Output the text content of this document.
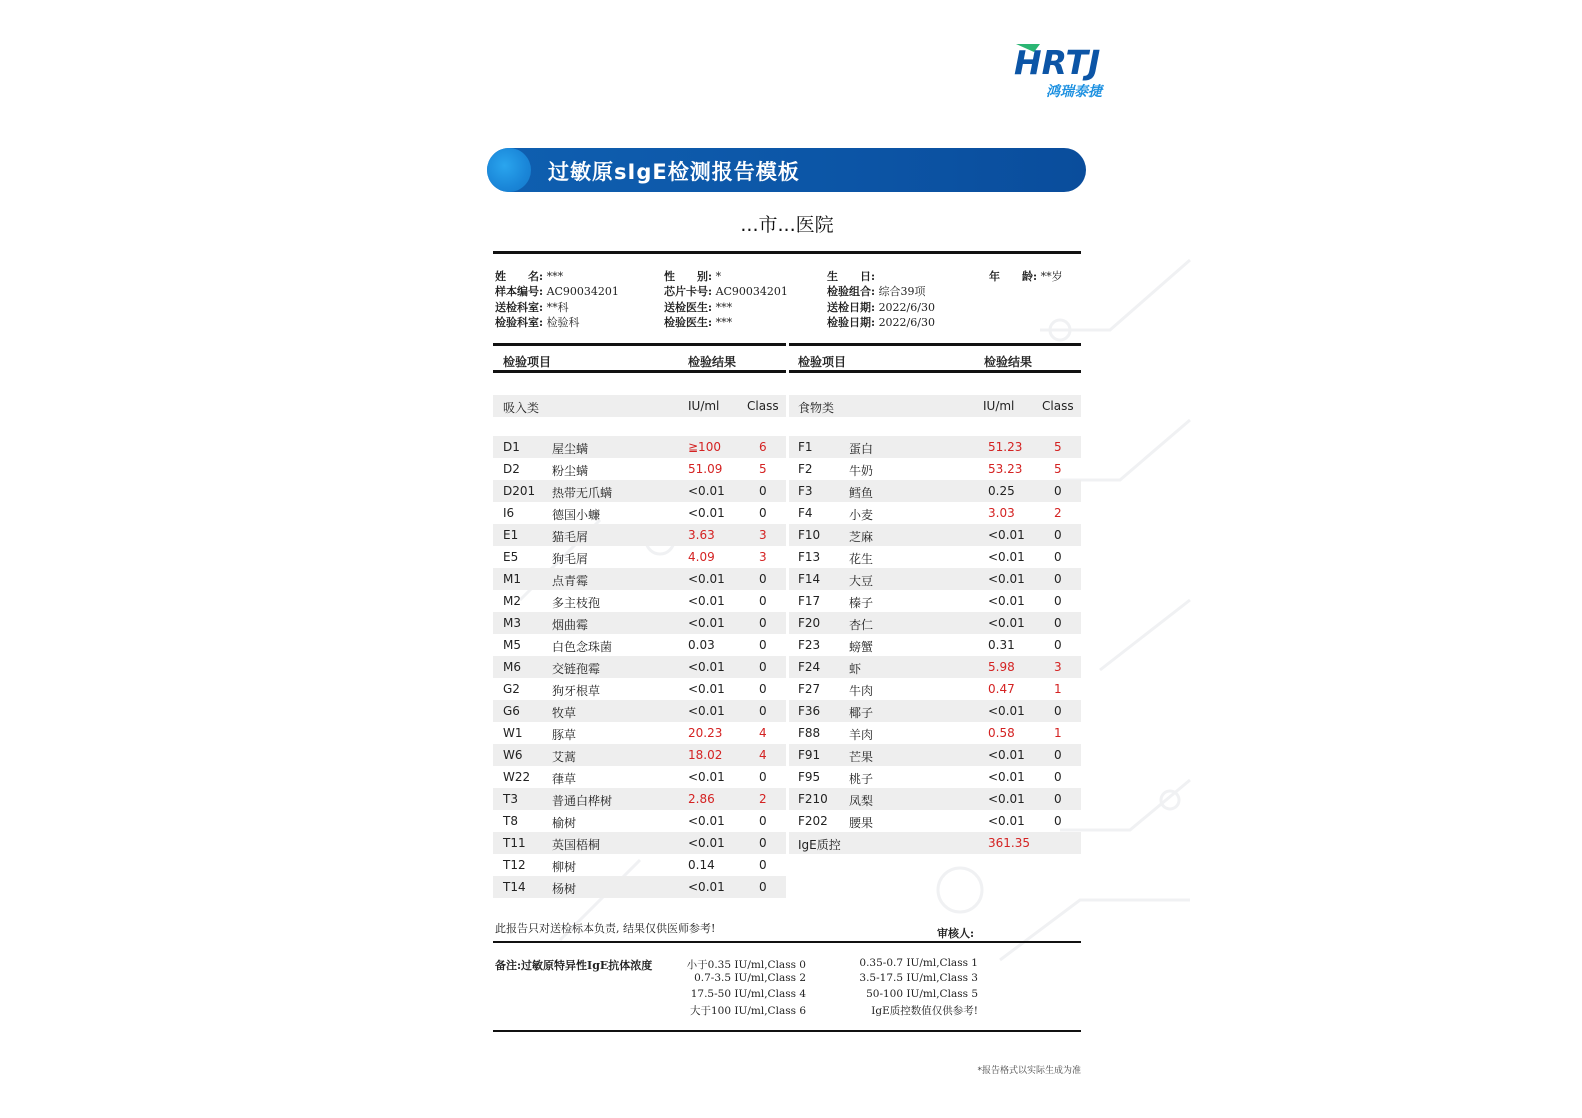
HRTJ
鸿瑞泰捷
过敏原sIgE检测报告模板
...市...医院
姓　　名: ***	性　　别: *	生　　日:	年　　龄: **岁
样本编号: AC90034201	芯片卡号: AC90034201	检验组合: 综合39项
送检科室: **科	送检医生: ***	送检日期: 2022/6/30
检验科室: 检验科	检验医生: ***	检验日期: 2022/6/30
检验项目	检验结果	检验项目	检验结果
吸入类	IU/ml Class 食物类	IU/ml Class
D1	屋尘螨	≧100	6
D2	粉尘螨	51.09	5
D201 热带无爪螨	<0.01	0
I6	德国小蠊	<0.01	0
E1	猫毛屑	3.63	3
E5	狗毛屑	4.09	3
M1	点青霉	<0.01	0
M2	多主枝孢	<0.01	0
M3	烟曲霉	<0.01	0
M5	白色念珠菌	0.03	0
M6	交链孢霉	<0.01	0
G2	狗牙根草	<0.01	0
G6	牧草	<0.01	0
W1 豚草	20.23	4
W6 艾蒿	18.02	4
W22 葎草	<0.01	0
T3	普通白桦树	2.86	2
T8	榆树	<0.01	0
T11 英国梧桐	<0.01	0
T12 柳树	0.14	0
T14 杨树	<0.01	0
F1	蛋白	51.23	5
F2	牛奶	53.23	5
F3	鳕鱼	0.25	0
F4	小麦	3.03	2
F10 芝麻	<0.01 0
F13 花生	<0.01 0
F14 大豆	<0.01 0
F17 榛子	<0.01 0
F20 杏仁	<0.01 0
F23 螃蟹	0.31	0
F24 虾	5.98	3
F27 牛肉	0.47	1
F36 椰子	<0.01 0
F88 羊肉	0.58	1
F91 芒果	<0.01 0
F95 桃子	<0.01 0
F210 凤梨	<0.01 0
F202 腰果	<0.01 0
IgE质控	361.35
此报告只对送检标本负责, 结果仅供医师参考!	审核人:
备注:过敏原特异性IgE抗体浓度	小于0.35 IU/ml,Class 0
0.7-3.5 IU/ml,Class 2
17.5-50 IU/ml,Class 4
大于100 IU/ml,Class 6
0.35-0.7 IU/ml,Class 1
3.5-17.5 IU/ml,Class 3
50-100 IU/ml,Class 5
IgE质控数值仅供参考!
*报告格式以实际生成为准
